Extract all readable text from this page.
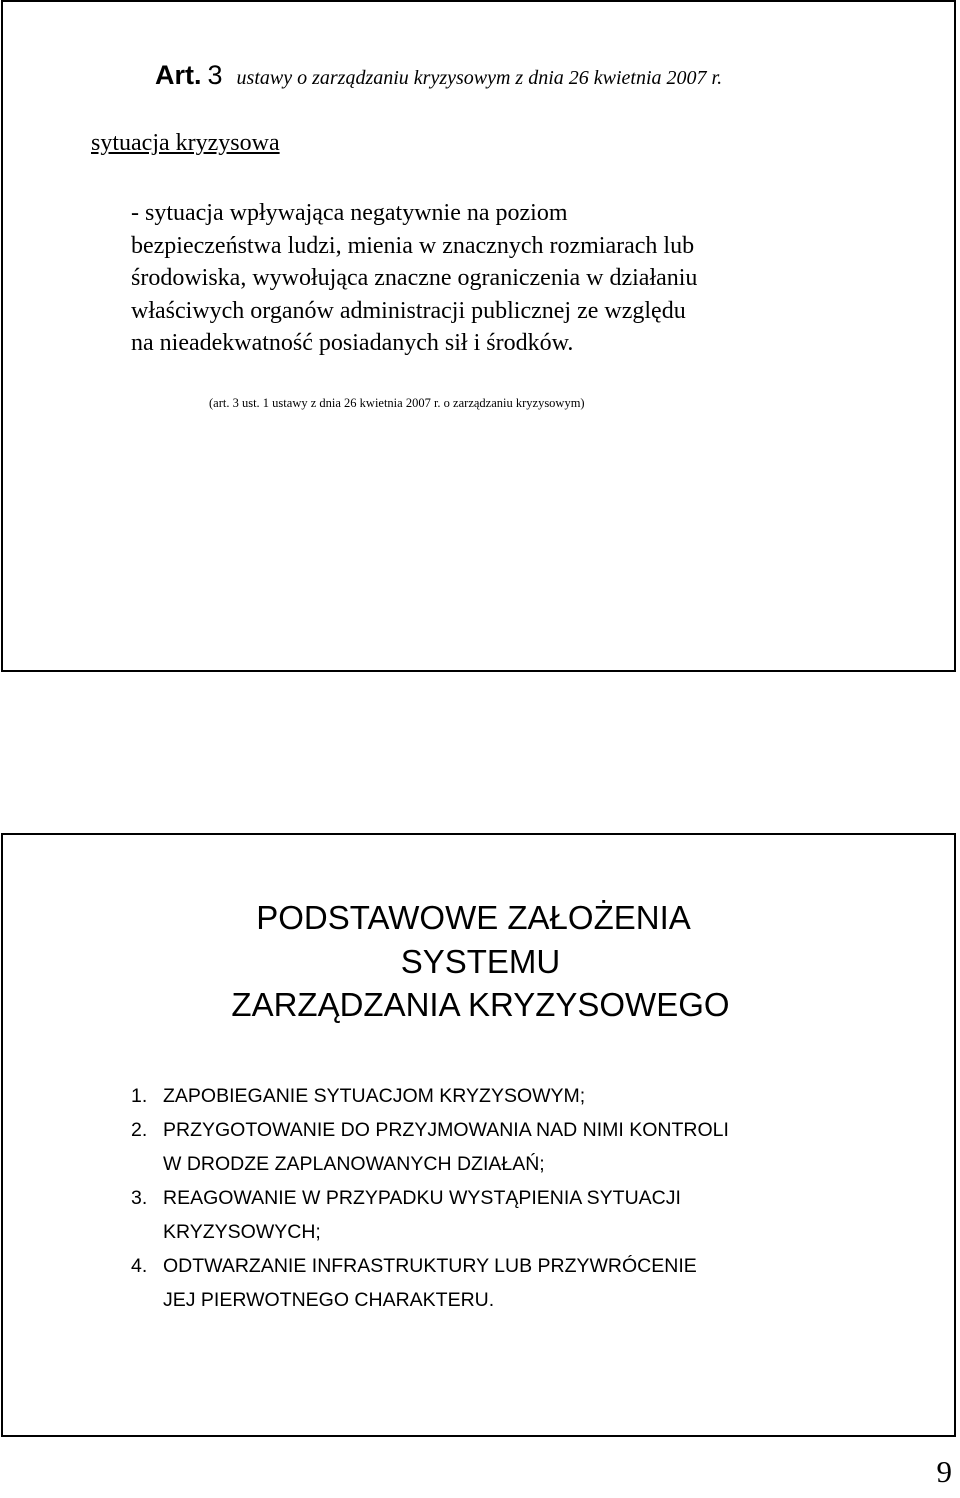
Art. 3 ustawy o zarządzaniu kryzysowym z dnia 26 kwietnia 2007 r.
sytuacja kryzysowa
- sytuacja wpływająca negatywnie na poziom
bezpieczeństwa ludzi, mienia w znacznych rozmiarach lub
środowiska, wywołująca znaczne ograniczenia w działaniu
właściwych organów administracji publicznej ze względu
na nieadekwatność posiadanych sił i środków.
(art. 3 ust. 1 ustawy z dnia 26 kwietnia 2007 r. o zarządzaniu kryzysowym)
PODSTAWOWE ZAŁOŻENIA
SYSTEMU
ZARZĄDZANIA KRYZYSOWEGO
1. ZAPOBIEGANIE SYTUACJOM KRYZYSOWYM;
2. PRZYGOTOWANIE DO PRZYJMOWANIA NAD NIMI KONTROLI
W DRODZE ZAPLANOWANYCH DZIAŁAŃ;
3. REAGOWANIE W PRZYPADKU WYSTĄPIENIA SYTUACJI
KRYZYSOWYCH;
4. ODTWARZANIE INFRASTRUKTURY LUB PRZYWRÓCENIE
JEJ PIERWOTNEGO CHARAKTERU.
9
